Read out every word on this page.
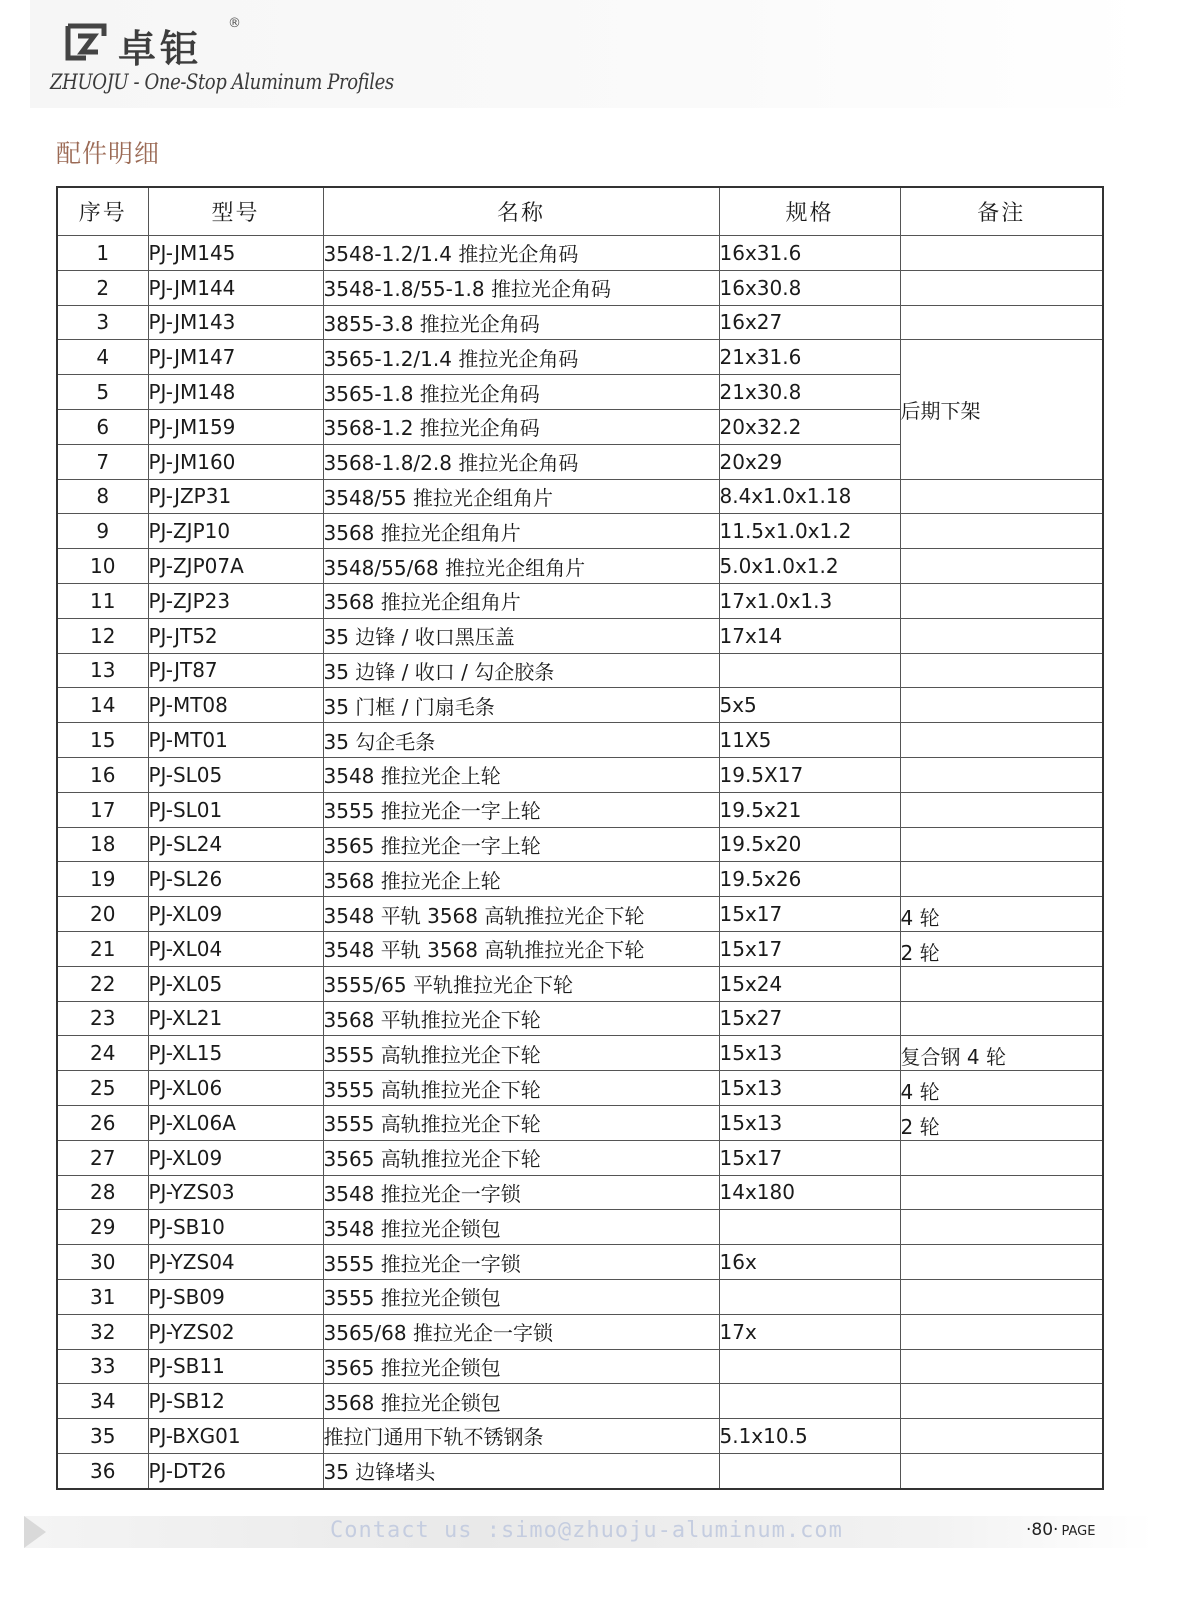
卓钜
®
ZHUOJU - One-Stop Aluminum Profiles
配件明细
序号	型号	名称	规格	备注
1	PJ-JM145	3548-1.2/1.4 推拉光企角码	16x31.6	
2	PJ-JM144	3548-1.8/55-1.8 推拉光企角码	16x30.8	
3	PJ-JM143	3855-3.8 推拉光企角码	16x27	
4	PJ-JM147	3565-1.2/1.4 推拉光企角码	21x31.6	后期下架
5	PJ-JM148	3565-1.8 推拉光企角码	21x30.8	
6	PJ-JM159	3568-1.2 推拉光企角码	20x32.2	
7	PJ-JM160	3568-1.8/2.8 推拉光企角码	20x29	
8	PJ-JZP31	3548/55 推拉光企组角片	8.4x1.0x1.18	
9	PJ-ZJP10	3568 推拉光企组角片	11.5x1.0x1.2	
10	PJ-ZJP07A	3548/55/68 推拉光企组角片	5.0x1.0x1.2	
11	PJ-ZJP23	3568 推拉光企组角片	17x1.0x1.3	
12	PJ-JT52	35 边锋 / 收口黑压盖	17x14	
13	PJ-JT87	35 边锋 / 收口 / 勾企胶条		
14	PJ-MT08	35 门框 / 门扇毛条	5x5	
15	PJ-MT01	35 勾企毛条	11X5	
16	PJ-SL05	3548 推拉光企上轮	19.5X17	
17	PJ-SL01	3555 推拉光企一字上轮	19.5x21	
18	PJ-SL24	3565 推拉光企一字上轮	19.5x20	
19	PJ-SL26	3568 推拉光企上轮	19.5x26	
20	PJ-XL09	3548 平轨 3568 高轨推拉光企下轮	15x17	4 轮
21	PJ-XL04	3548 平轨 3568 高轨推拉光企下轮	15x17	2 轮
22	PJ-XL05	3555/65 平轨推拉光企下轮	15x24	
23	PJ-XL21	3568 平轨推拉光企下轮	15x27	
24	PJ-XL15	3555 高轨推拉光企下轮	15x13	复合钢 4 轮
25	PJ-XL06	3555 高轨推拉光企下轮	15x13	4 轮
26	PJ-XL06A	3555 高轨推拉光企下轮	15x13	2 轮
27	PJ-XL09	3565 高轨推拉光企下轮	15x17	
28	PJ-YZS03	3548 推拉光企一字锁	14x180	
29	PJ-SB10	3548 推拉光企锁包		
30	PJ-YZS04	3555 推拉光企一字锁	16x	
31	PJ-SB09	3555 推拉光企锁包		
32	PJ-YZS02	3565/68 推拉光企一字锁	17x	
33	PJ-SB11	3565 推拉光企锁包		
34	PJ-SB12	3568 推拉光企锁包		
35	PJ-BXG01	推拉门通用下轨不锈钢条	5.1x10.5	
36	PJ-DT26	35 边锋堵头		
Contact us :simo@zhuoju-aluminum.com	·80· PAGE
